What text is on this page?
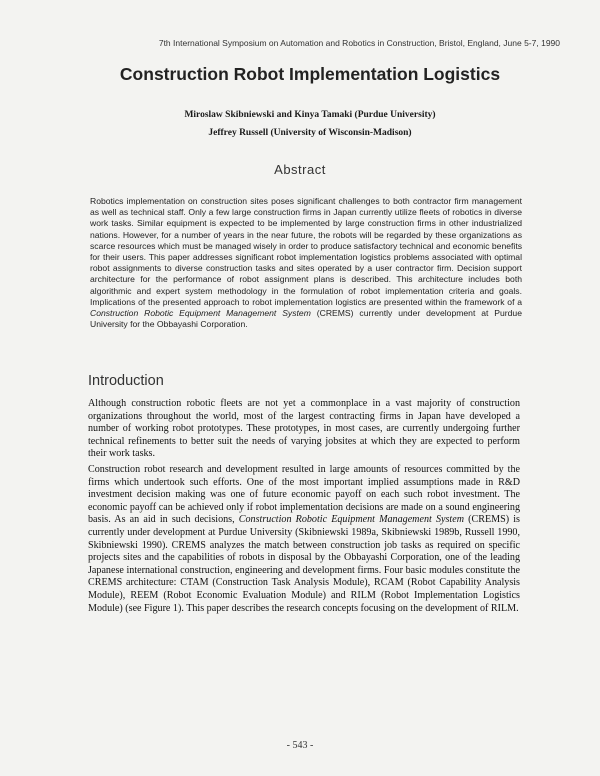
7th International Symposium on Automation and Robotics in Construction, Bristol, England, June 5-7, 1990
Construction Robot Implementation Logistics
Miroslaw Skibniewski and Kinya Tamaki (Purdue University)
Jeffrey Russell (University of Wisconsin-Madison)
Abstract

Robotics implementation on construction sites poses significant challenges to both contractor firm management as well as technical staff. Only a few large construction firms in Japan currently utilize fleets of robotics in diverse work tasks. Similar equipment is expected to be implemented by large construction firms in other industrialized nations. However, for a number of years in the near future, the robots will be regarded by these organizations as scarce resources which must be managed wisely in order to produce satisfactory technical and economic benefits for their users. This paper addresses significant robot implementation logistics problems associated with optimal robot assignments to diverse construction tasks and sites operated by a user contractor firm. Decision support architecture for the performance of robot assignment plans is described. This architecture includes both algorithmic and expert system methodology in the formulation of robot implementation criteria and goals. Implications of the presented approach to robot implementation logistics are presented within the framework of a Construction Robotic Equipment Management System (CREMS) currently under development at Purdue University for the Obbayashi Corporation.

Introduction

Although construction robotic fleets are not yet a commonplace in a vast majority of construction organizations throughout the world, most of the largest contracting firms in Japan have developed a number of working robot prototypes. These prototypes, in most cases, are currently undergoing further technical refinements to better suit the needs of varying jobsites at which they are expected to perform their work tasks.

Construction robot research and development resulted in large amounts of resources committed by the firms which undertook such efforts. One of the most important implied assumptions made in R&D investment decision making was one of future economic payoff on each such robot investment. The economic payoff can be achieved only if robot implementation decisions are made on a sound engineering basis. As an aid in such decisions, Construction Robotic Equipment Management System (CREMS) is currently under development at Purdue University (Skibniewski 1989a, Skibniewski 1989b, Russell 1990, Skibniewski 1990). CREMS analyzes the match between construction job tasks as required on specific projects sites and the capabilities of robots in disposal by the Obbayashi Corporation, one of the leading Japanese international construction, engineering and development firms. Four basic modules constitute the CREMS architecture: CTAM (Construction Task Analysis Module), RCAM (Robot Capability Analysis Module), REEM (Robot Economic Evaluation Module) and RILM (Robot Implementation Logistics Module) (see Figure 1). This paper describes the research concepts focusing on the development of RILM.

- 543 -
